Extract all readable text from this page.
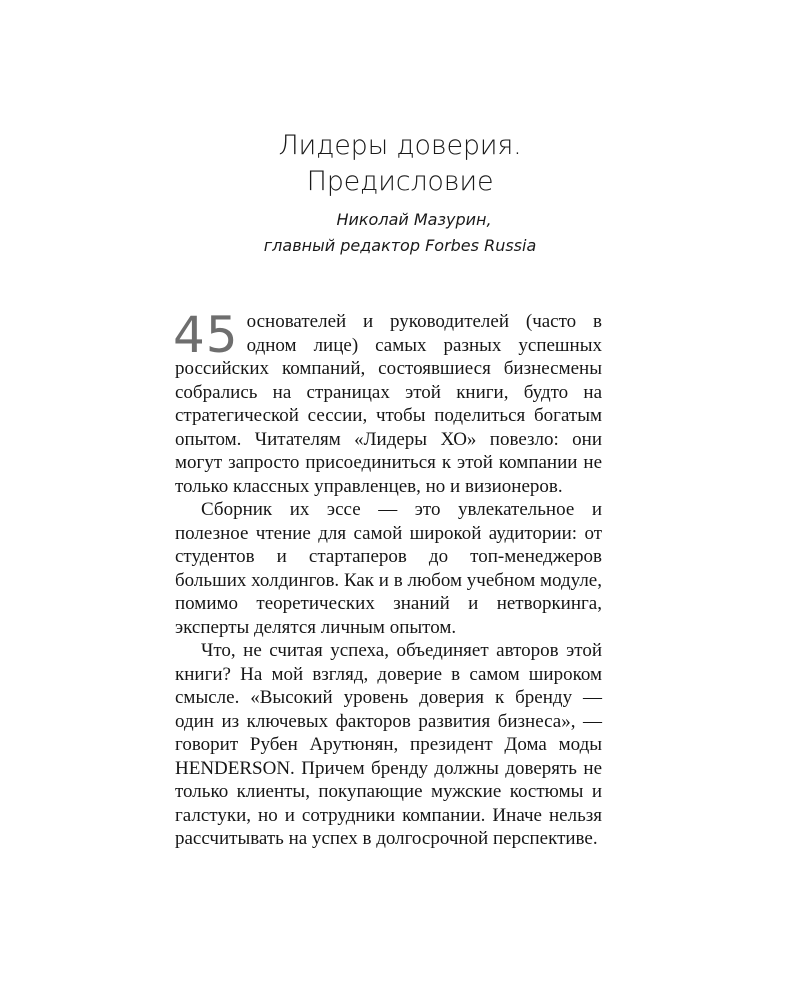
Лидеры доверия.
Предисловие
Николай Мазурин,
главный редактор Forbes Russia

45 основателей и руководителей (часто в одном лице) самых разных успешных российских компаний, состоявшиеся бизнесмены собрались на страницах этой книги, будто на стратегической сессии, чтобы поделиться богатым опытом. Читателям «Лидеры ХО» повезло: они могут запросто присоединиться к этой компании не только классных управленцев, но и визионеров.

Сборник их эссе — это увлекательное и полезное чтение для самой широкой аудитории: от студентов и стартаперов до топ-менеджеров больших холдингов. Как и в любом учебном модуле, помимо теоретических знаний и нетворкинга, эксперты делятся личным опытом.

Что, не считая успеха, объединяет авторов этой книги? На мой взгляд, доверие в самом широком смысле. «Высокий уровень доверия к бренду — один из ключевых факторов развития бизнеса», — говорит Рубен Арутюнян, президент Дома моды HENDERSON. Причем бренду должны доверять не только клиенты, покупающие мужские костюмы и галстуки, но и сотрудники компании. Иначе нельзя рассчитывать на успех в долгосрочной перспективе.
